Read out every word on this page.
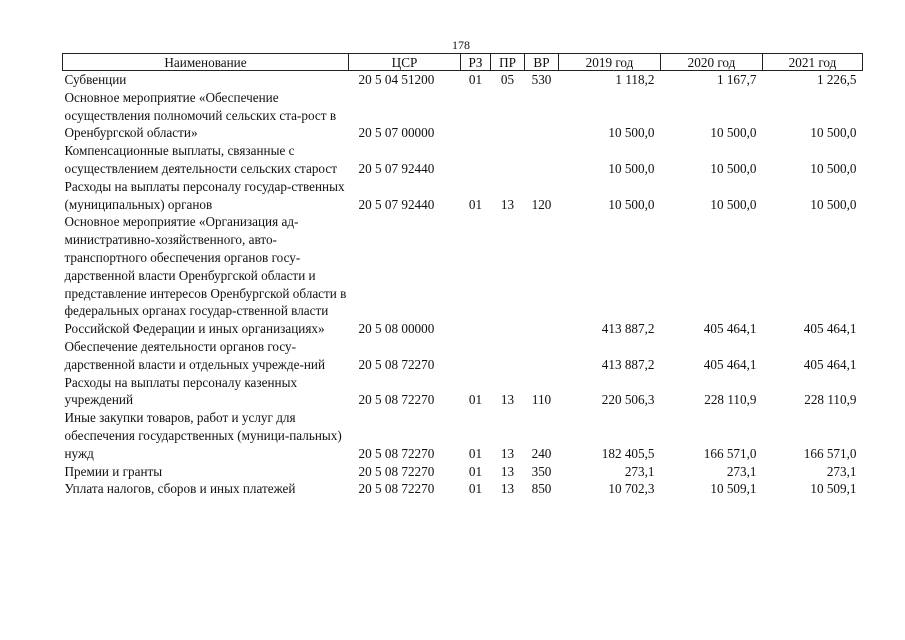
178
Наименование	ЦСР	РЗ	ПР	ВР	2019 год	2020 год	2021 год
Субвенции	20 5 04 51200	01	05	530	1 118,2	1 167,7	1 226,5
Основное мероприятие «Обеспечение осуществления полномочий сельских ста-рост в Оренбургской области»	20 5 07 00000				10 500,0	10 500,0	10 500,0
Компенсационные выплаты, связанные с осуществлением деятельности сельских старост	20 5 07 92440				10 500,0	10 500,0	10 500,0
Расходы на выплаты персоналу государ-ственных (муниципальных) органов	20 5 07 92440	01	13	120	10 500,0	10 500,0	10 500,0
Основное мероприятие «Организация ад-министративно-хозяйственного, авто-транспортного обеспечения органов госу-дарственной власти Оренбургской области и представление интересов Оренбургской области в федеральных органах государ-ственной власти Российской Федерации и иных организациях»	20 5 08 00000				413 887,2	405 464,1	405 464,1
Обеспечение деятельности органов госу-дарственной власти и отдельных учрежде-ний	20 5 08 72270				413 887,2	405 464,1	405 464,1
Расходы на выплаты персоналу казенных учреждений	20 5 08 72270	01	13	110	220 506,3	228 110,9	228 110,9
Иные закупки товаров, работ и услуг для обеспечения государственных (муници-пальных) нужд	20 5 08 72270	01	13	240	182 405,5	166 571,0	166 571,0
Премии и гранты	20 5 08 72270	01	13	350	273,1	273,1	273,1
Уплата налогов, сборов и иных платежей	20 5 08 72270	01	13	850	10 702,3	10 509,1	10 509,1
